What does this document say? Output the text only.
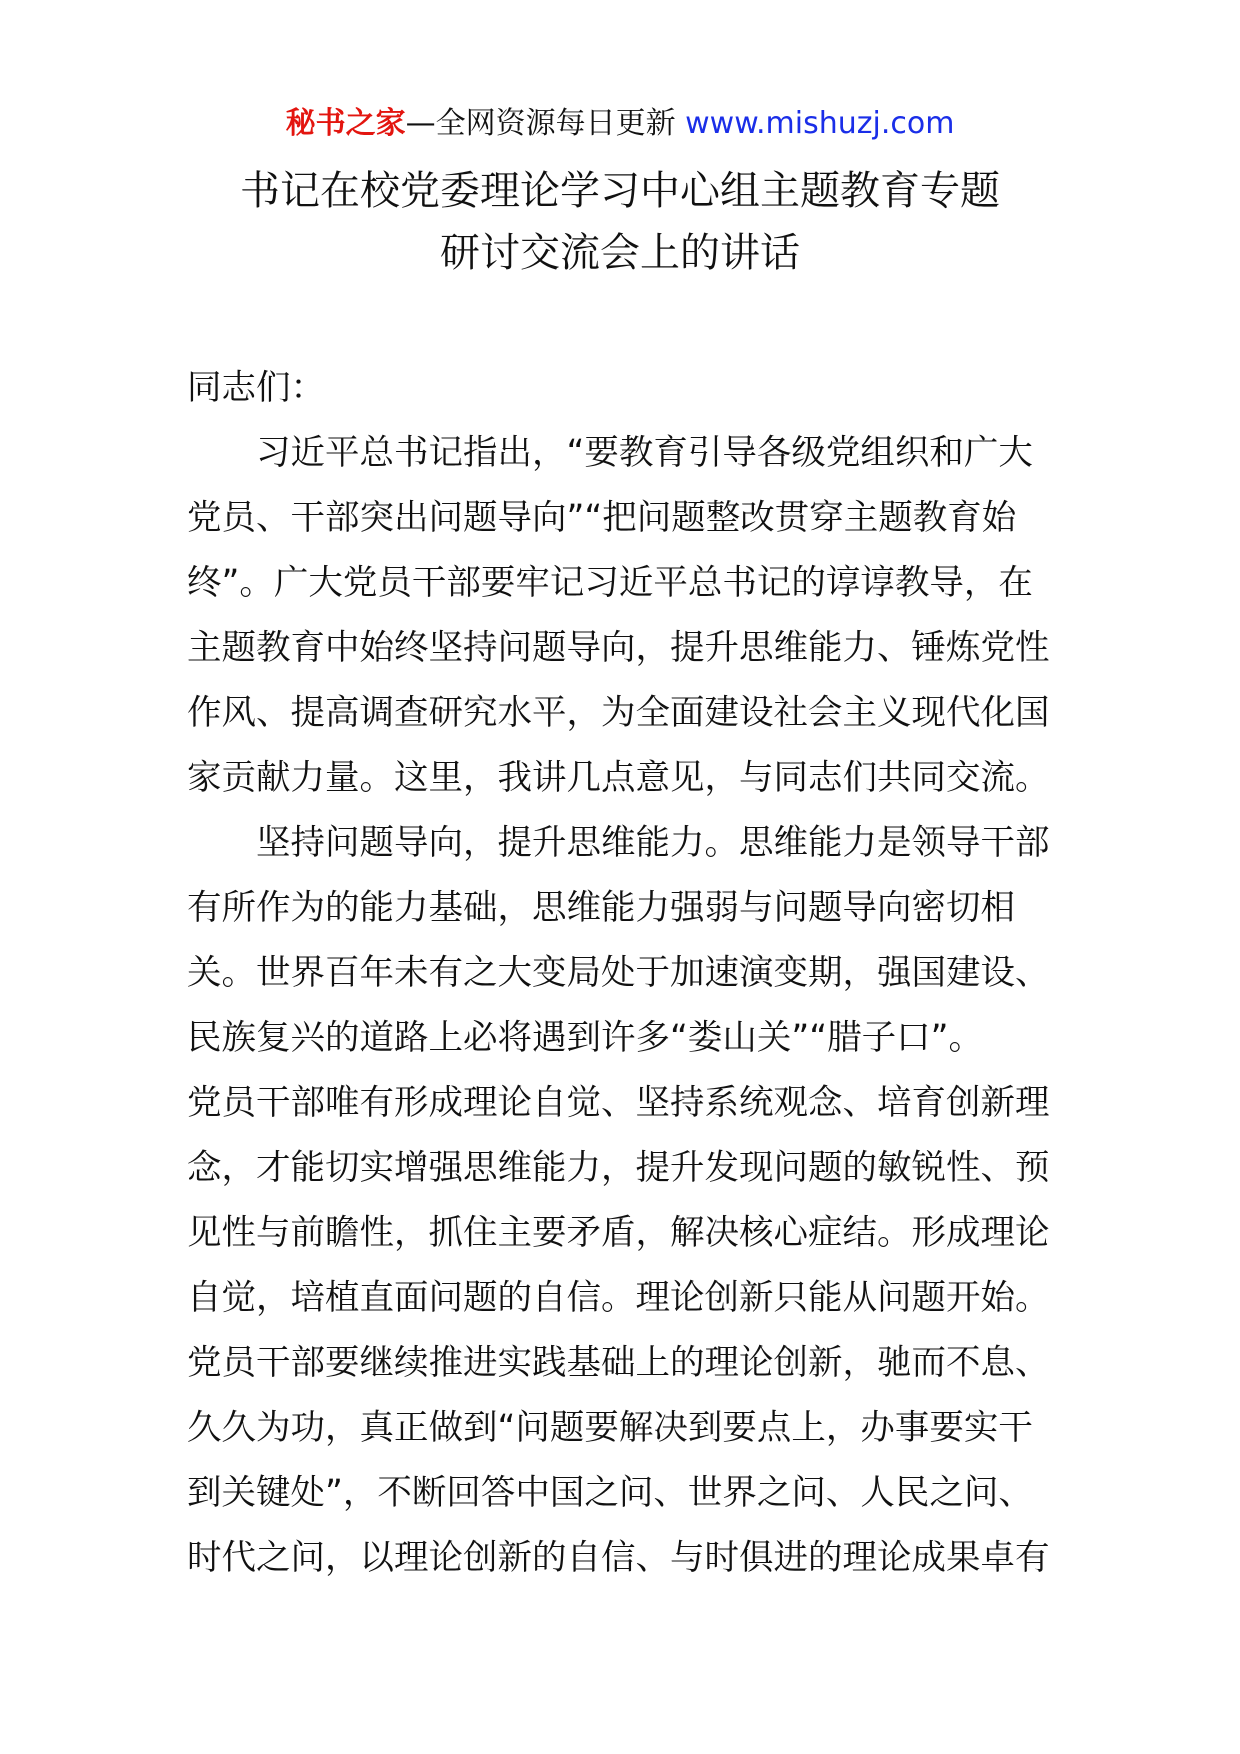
秘书之家—全网资源每日更新 www.mishuzj.com
书记在校党委理论学习中心组主题教育专题
研讨交流会上的讲话
同志们：
习近平总书记指出，“要教育引导各级党组织和广大
党员、干部突出问题导向”“把问题整改贯穿主题教育始
终”。广大党员干部要牢记习近平总书记的谆谆教导，在
主题教育中始终坚持问题导向，提升思维能力、锤炼党性
作风、提高调查研究水平，为全面建设社会主义现代化国
家贡献力量。这里，我讲几点意见，与同志们共同交流。
坚持问题导向，提升思维能力。思维能力是领导干部
有所作为的能力基础，思维能力强弱与问题导向密切相
关。世界百年未有之大变局处于加速演变期，强国建设、
民族复兴的道路上必将遇到许多“娄山关”“腊子口”。
党员干部唯有形成理论自觉、坚持系统观念、培育创新理
念，才能切实增强思维能力，提升发现问题的敏锐性、预
见性与前瞻性，抓住主要矛盾，解决核心症结。形成理论
自觉，培植直面问题的自信。理论创新只能从问题开始。
党员干部要继续推进实践基础上的理论创新，驰而不息、
久久为功，真正做到“问题要解决到要点上，办事要实干
到关键处”，不断回答中国之问、世界之问、人民之问、
时代之问，以理论创新的自信、与时俱进的理论成果卓有
